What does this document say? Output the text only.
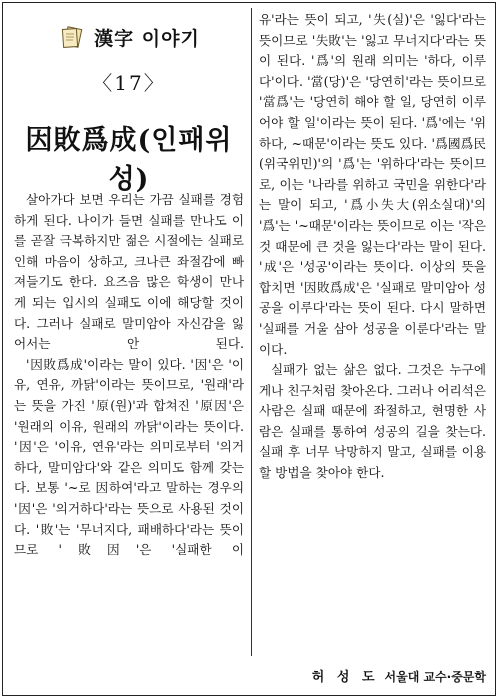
漢字 이야기
〈17〉
因敗爲成(인패위성)

살아가다 보면 우리는 가끔 실패를 경험하게 된다. 나이가 들면 실패를 만나도 이를 곧잘 극복하지만 젊은 시절에는 실패로 인해 마음이 상하고, 크나큰 좌절감에 빠져들기도 한다. 요즈음 많은 학생이 만나게 되는 입시의 실패도 이에 해당할 것이다. 그러나 실패로 말미암아 자신감을 잃어서는 안 된다.

'因敗爲成'이라는 말이 있다. '因'은 '이유, 연유, 까닭'이라는 뜻이므로, '원래'라는 뜻을 가진 '原(원)'과 합쳐진 '原因'은 '원래의 이유, 원래의 까닭'이라는 뜻이다. '因'은 '이유, 연유'라는 의미로부터 '의거하다, 말미암다'와 같은 의미도 함께 갖는다. 보통 '~로 因하여'라고 말하는 경우의 '因'은 '의거하다'라는 뜻으로 사용된 것이다. '敗'는 '무너지다, 패배하다'라는 뜻이므로 '敗因'은 '실패한 이

유'라는 뜻이 되고, '失(실)'은 '잃다'라는 뜻이므로 '失敗'는 '잃고 무너지다'라는 뜻이 된다. '爲'의 원래 의미는 '하다, 이루다'이다. '當(당)'은 '당연히'라는 뜻이므로 '當爲'는 '당연히 해야 할 일, 당연히 이루어야 할 일'이라는 뜻이 된다. '爲'에는 '위하다, ~때문'이라는 뜻도 있다. '爲國爲民(위국위민)'의 '爲'는 '위하다'라는 뜻이므로, 이는 '나라를 위하고 국민을 위한다'라는 말이 되고, '爲小失大(위소실대)'의 '爲'는 '~때문'이라는 뜻이므로 이는 '작은 것 때문에 큰 것을 잃는다'라는 말이 된다. '成'은 '성공'이라는 뜻이다. 이상의 뜻을 합치면 '因敗爲成'은 '실패로 말미암아 성공을 이루다'라는 뜻이 된다. 다시 말하면 '실패를 거울 삼아 성공을 이룬다'라는 말이다.

실패가 없는 삶은 없다. 그것은 누구에게나 친구처럼 찾아온다. 그러나 어리석은 사람은 실패 때문에 좌절하고, 현명한 사람은 실패를 통하여 성공의 길을 찾는다. 실패 후 너무 낙망하지 말고, 실패를 이용할 방법을 찾아야 한다.

허 성 도 서울대 교수·중문학
